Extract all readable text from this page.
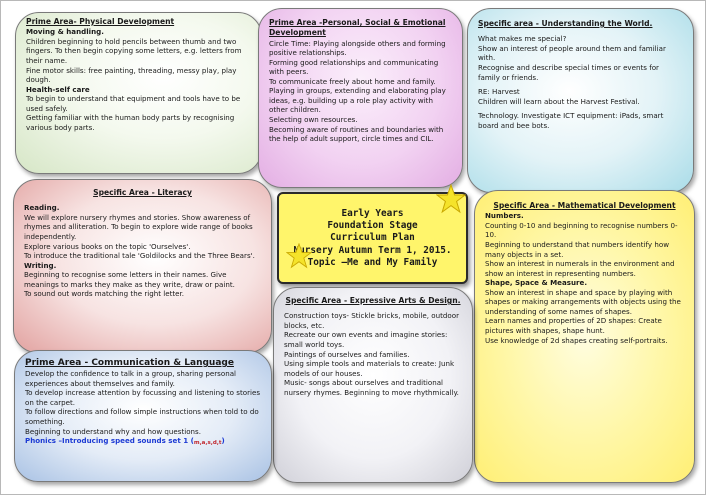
Prime Area- Physical Development

Moving & handling.

Children beginning to hold pencils between thumb and two fingers. To then begin copying some letters, e.g. letters from their name.

Fine motor skills: free painting, threading, messy play, play dough.

Health-self care

To begin to understand that equipment and tools have to be used safely.

Getting familiar with the human body parts by recognising various body parts.

Prime Area -Personal, Social & Emotional Development

Circle Time: Playing alongside others and forming positive relationships.

Forming good relationships and communicating with peers.

To communicate freely about home and family.

Playing in groups, extending and elaborating play ideas, e.g. building up a role play activity with other children.

Selecting own resources.

Becoming aware of routines and boundaries with the help of adult support, circle times and CIL.

Specific area - Understanding the World.

What makes me special?

Show an interest of people around them and familiar with.

Recognise and describe special times or events for family or friends.

RE: Harvest

Children will learn about the Harvest Festival.

Technology. Investigate ICT equipment: iPads, smart board and bee bots.

Specific Area - Literacy

Reading.

We will explore nursery rhymes and stories. Show awareness of rhymes and alliteration. To begin to explore wide range of books independently.

Explore various books on the topic 'Ourselves'.

To introduce the traditional tale 'Goldilocks and the Three Bears'.

Writing.

Beginning to recognise some letters in their names. Give meanings to marks they make as they write, draw or paint.

To sound out words matching the right letter.

Early Years
Foundation Stage
Curriculum Plan
Nursery Autumn Term 1, 2015.
Topic –Me and My Family

Specific Area - Mathematical Development

Numbers.

Counting 0-10 and beginning to recognise numbers 0-10.

Beginning to understand that numbers identify how many objects in a set.

Show an interest in numerals in the environment and show an interest in representing numbers.

Shape, Space & Measure.

Show an interest in shape and space by playing with shapes or making arrangements with objects using the understanding of some names of shapes.

Learn names and properties of 2D shapes: Create pictures with shapes, shape hunt.

Use knowledge of 2d shapes creating self-portraits.

Specific Area - Expressive Arts & Design.

Construction toys- Stickle bricks, mobile, outdoor blocks, etc.

Recreate our own events and imagine stories: small world toys.

Paintings of ourselves and families.

Using simple tools and materials to create: Junk models of our houses.

Music- songs about ourselves and traditional nursery rhymes. Beginning to move rhythmically.

Prime Area - Communication & Language

Develop the confidence to talk in a group, sharing personal experiences about themselves and family.

To develop increase attention by focussing and listening to stories on the carpet.

To follow directions and follow simple instructions when told to do something.

Beginning to understand why and how questions.

Phonics –Introducing speed sounds set 1 (m,a,s,d,t)
